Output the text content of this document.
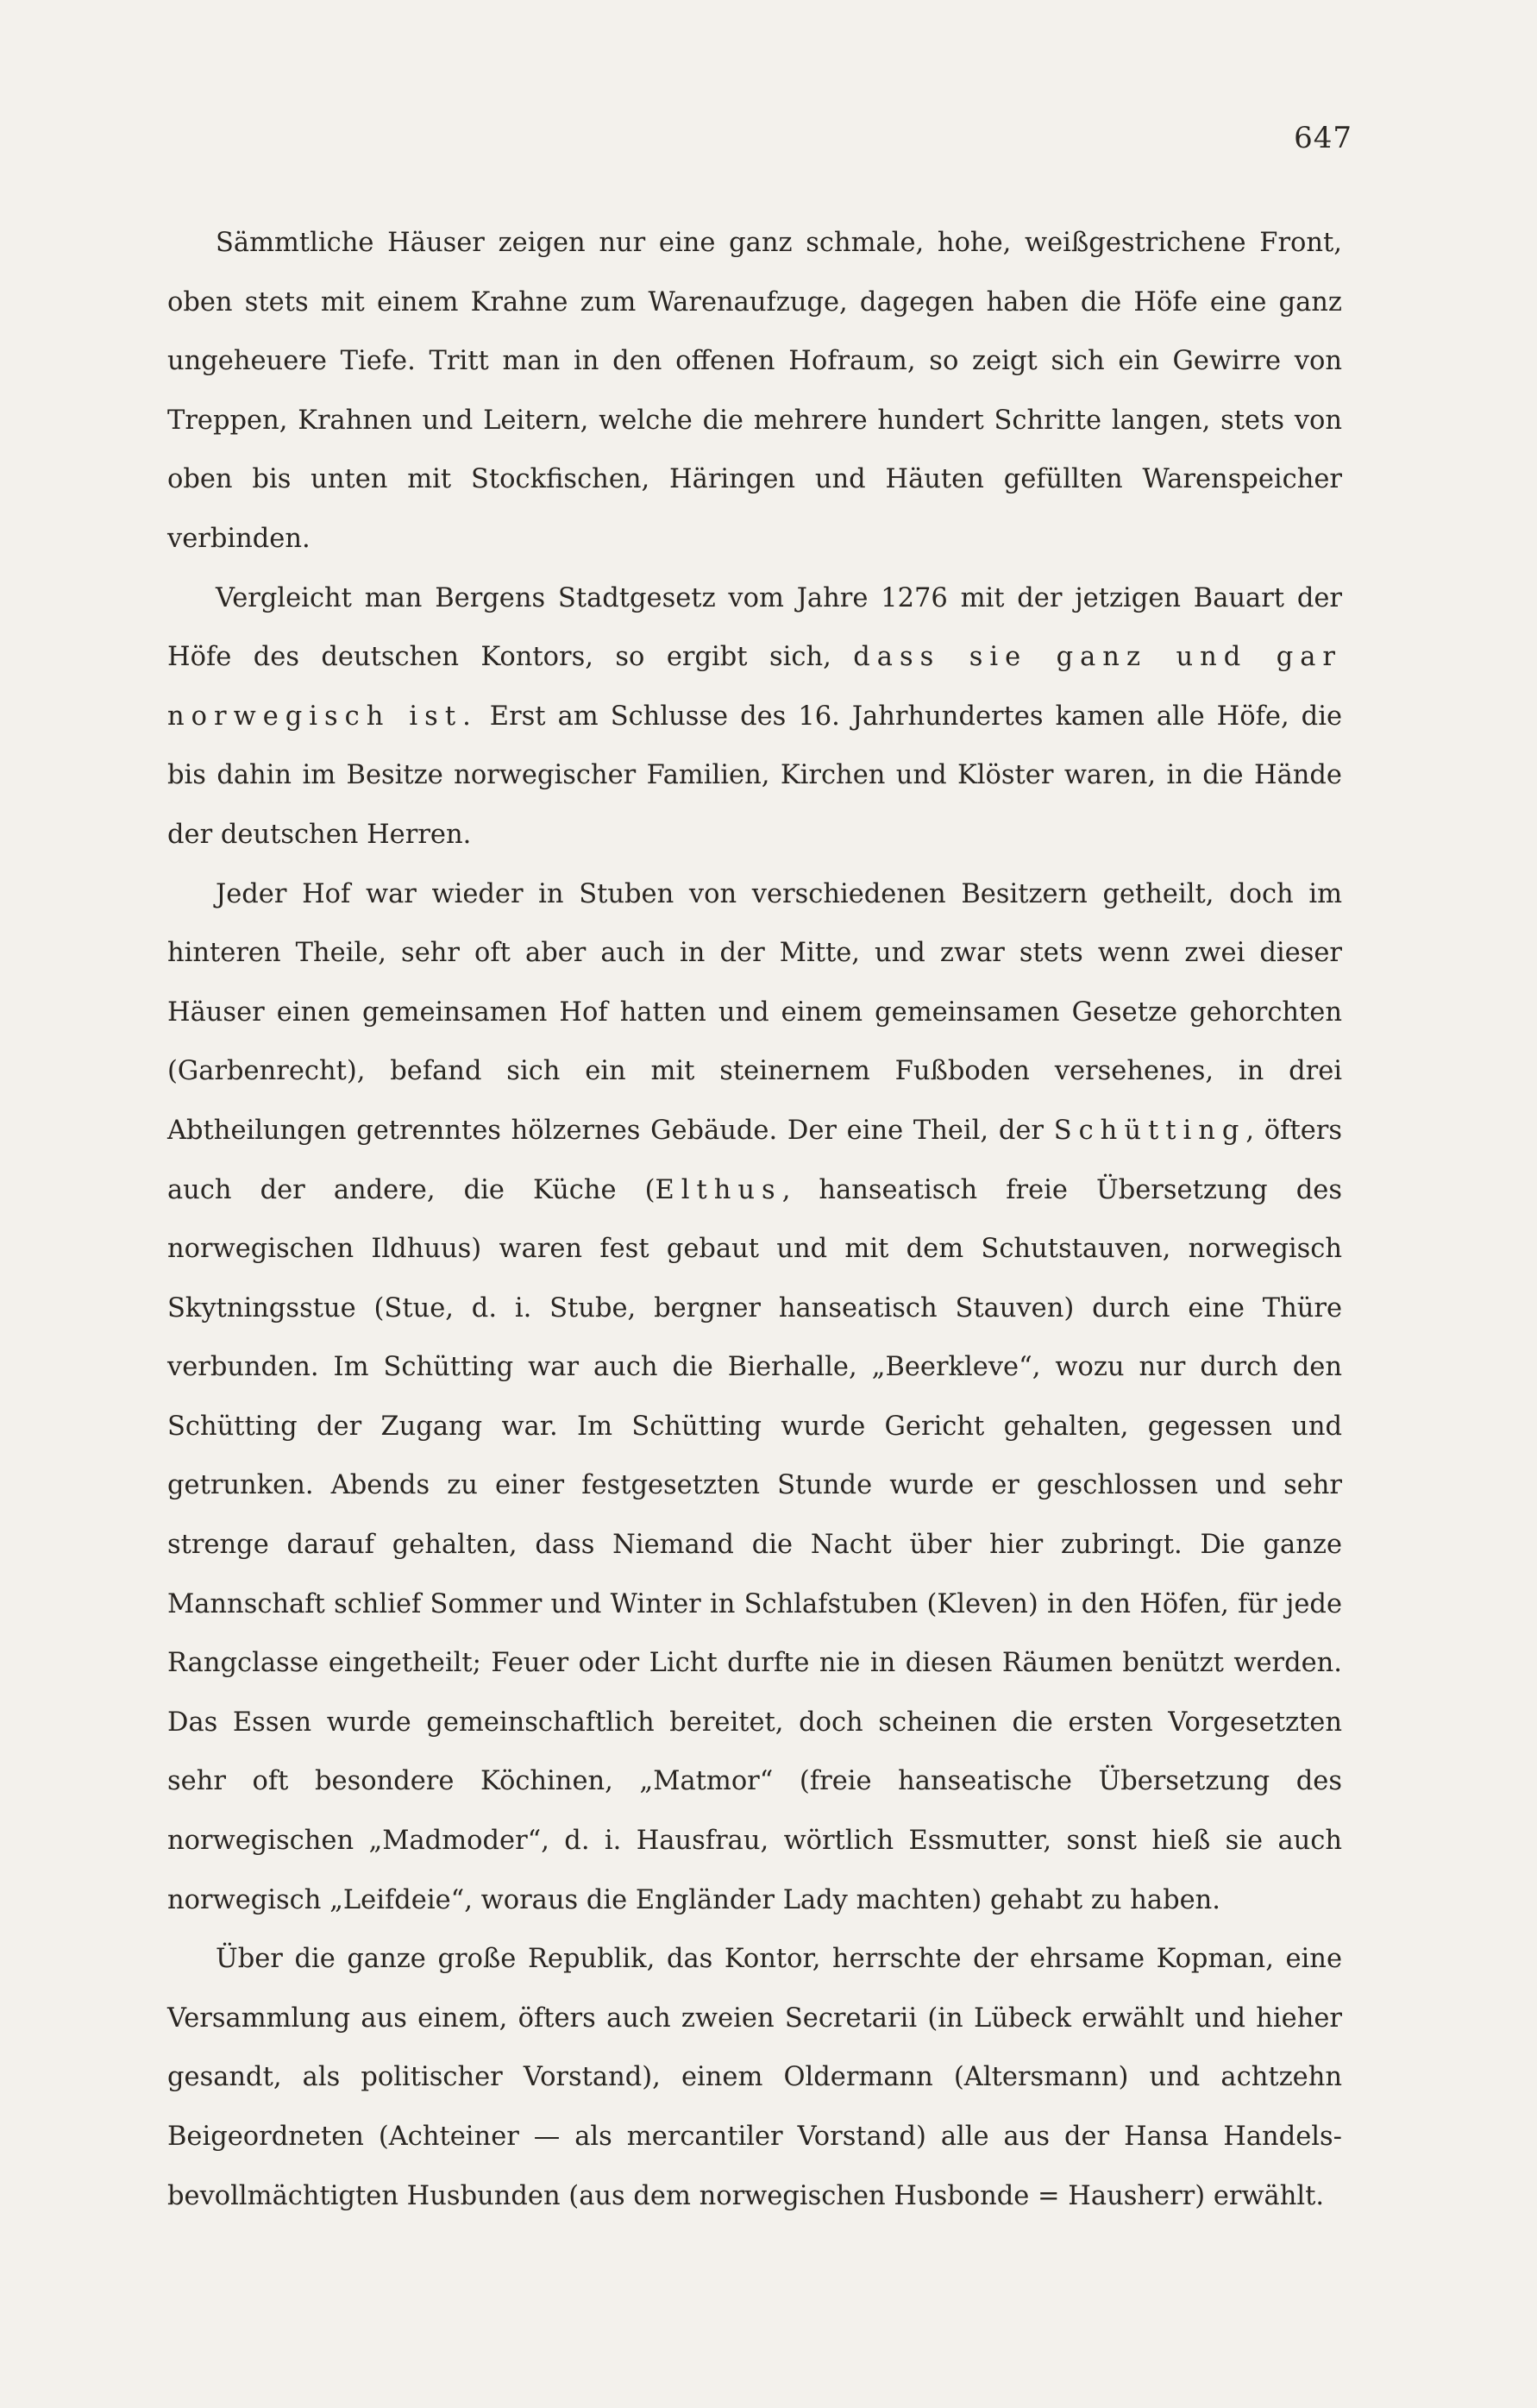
647

Sämmtliche Häuser zeigen nur eine ganz schmale, hohe, weißgestrichene Front, oben stets mit einem Krahne zum Warenaufzuge, dagegen haben die Höfe eine ganz ungeheuere Tiefe. Tritt man in den offenen Hofraum, so zeigt sich ein Gewirre von Treppen, Krahnen und Leitern, welche die mehrere hundert Schritte langen, stets von oben bis unten mit Stockfischen, Häringen und Häuten gefüllten Warenspeicher verbinden.

Vergleicht man Bergens Stadtgesetz vom Jahre 1276 mit der jetzigen Bauart der Höfe des deutschen Kontors, so ergibt sich, dass sie ganz und gar norwegisch ist. Erst am Schlusse des 16. Jahrhundertes kamen alle Höfe, die bis dahin im Besitze norwegischer Familien, Kirchen und Klöster waren, in die Hände der deutschen Herren.

Jeder Hof war wieder in Stuben von verschiedenen Besitzern getheilt, doch im hinteren Theile, sehr oft aber auch in der Mitte, und zwar stets wenn zwei dieser Häuser einen gemeinsamen Hof hatten und einem gemeinsamen Gesetze gehorchten (Garbenrecht), befand sich ein mit steinernem Fußboden versehenes, in drei Abtheilungen getrenntes hölzernes Gebäude. Der eine Theil, der Schütting, öfters auch der andere, die Küche (Elthus, hanseatisch freie Übersetzung des norwegischen Ildhuus) waren fest gebaut und mit dem Schutstauven, norwegisch Skytningsstue (Stue, d. i. Stube, bergner hanseatisch Stauven) durch eine Thüre verbunden. Im Schütting war auch die Bierhalle, „Beerkleve“, wozu nur durch den Schütting der Zugang war. Im Schütting wurde Gericht gehalten, gegessen und getrunken. Abends zu einer festgesetzten Stunde wurde er geschlossen und sehr strenge darauf gehalten, dass Niemand die Nacht über hier zubringt. Die ganze Mannschaft schlief Sommer und Winter in Schlafstuben (Kleven) in den Höfen, für jede Rangclasse eingetheilt; Feuer oder Licht durfte nie in diesen Räumen benützt werden. Das Essen wurde gemeinschaftlich bereitet, doch scheinen die ersten Vorgesetzten sehr oft besondere Köchinen, „Matmor“ (freie hanseatische Übersetzung des norwegischen „Madmoder“, d. i. Hausfrau, wörtlich Essmutter, sonst hieß sie auch norwegisch „Leifdeie“, woraus die Engländer Lady machten) gehabt zu haben.

Über die ganze große Republik, das Kontor, herrschte der ehrsame Kopman, eine Versammlung aus einem, öfters auch zweien Secretarii (in Lübeck erwählt und hieher gesandt, als politischer Vorstand), einem Oldermann (Altersmann) und achtzehn Beigeordneten (Achteiner — als mercantiler Vorstand) alle aus der Hansa Handels-bevollmächtigten Husbunden (aus dem norwegischen Husbonde = Hausherr) erwählt.
